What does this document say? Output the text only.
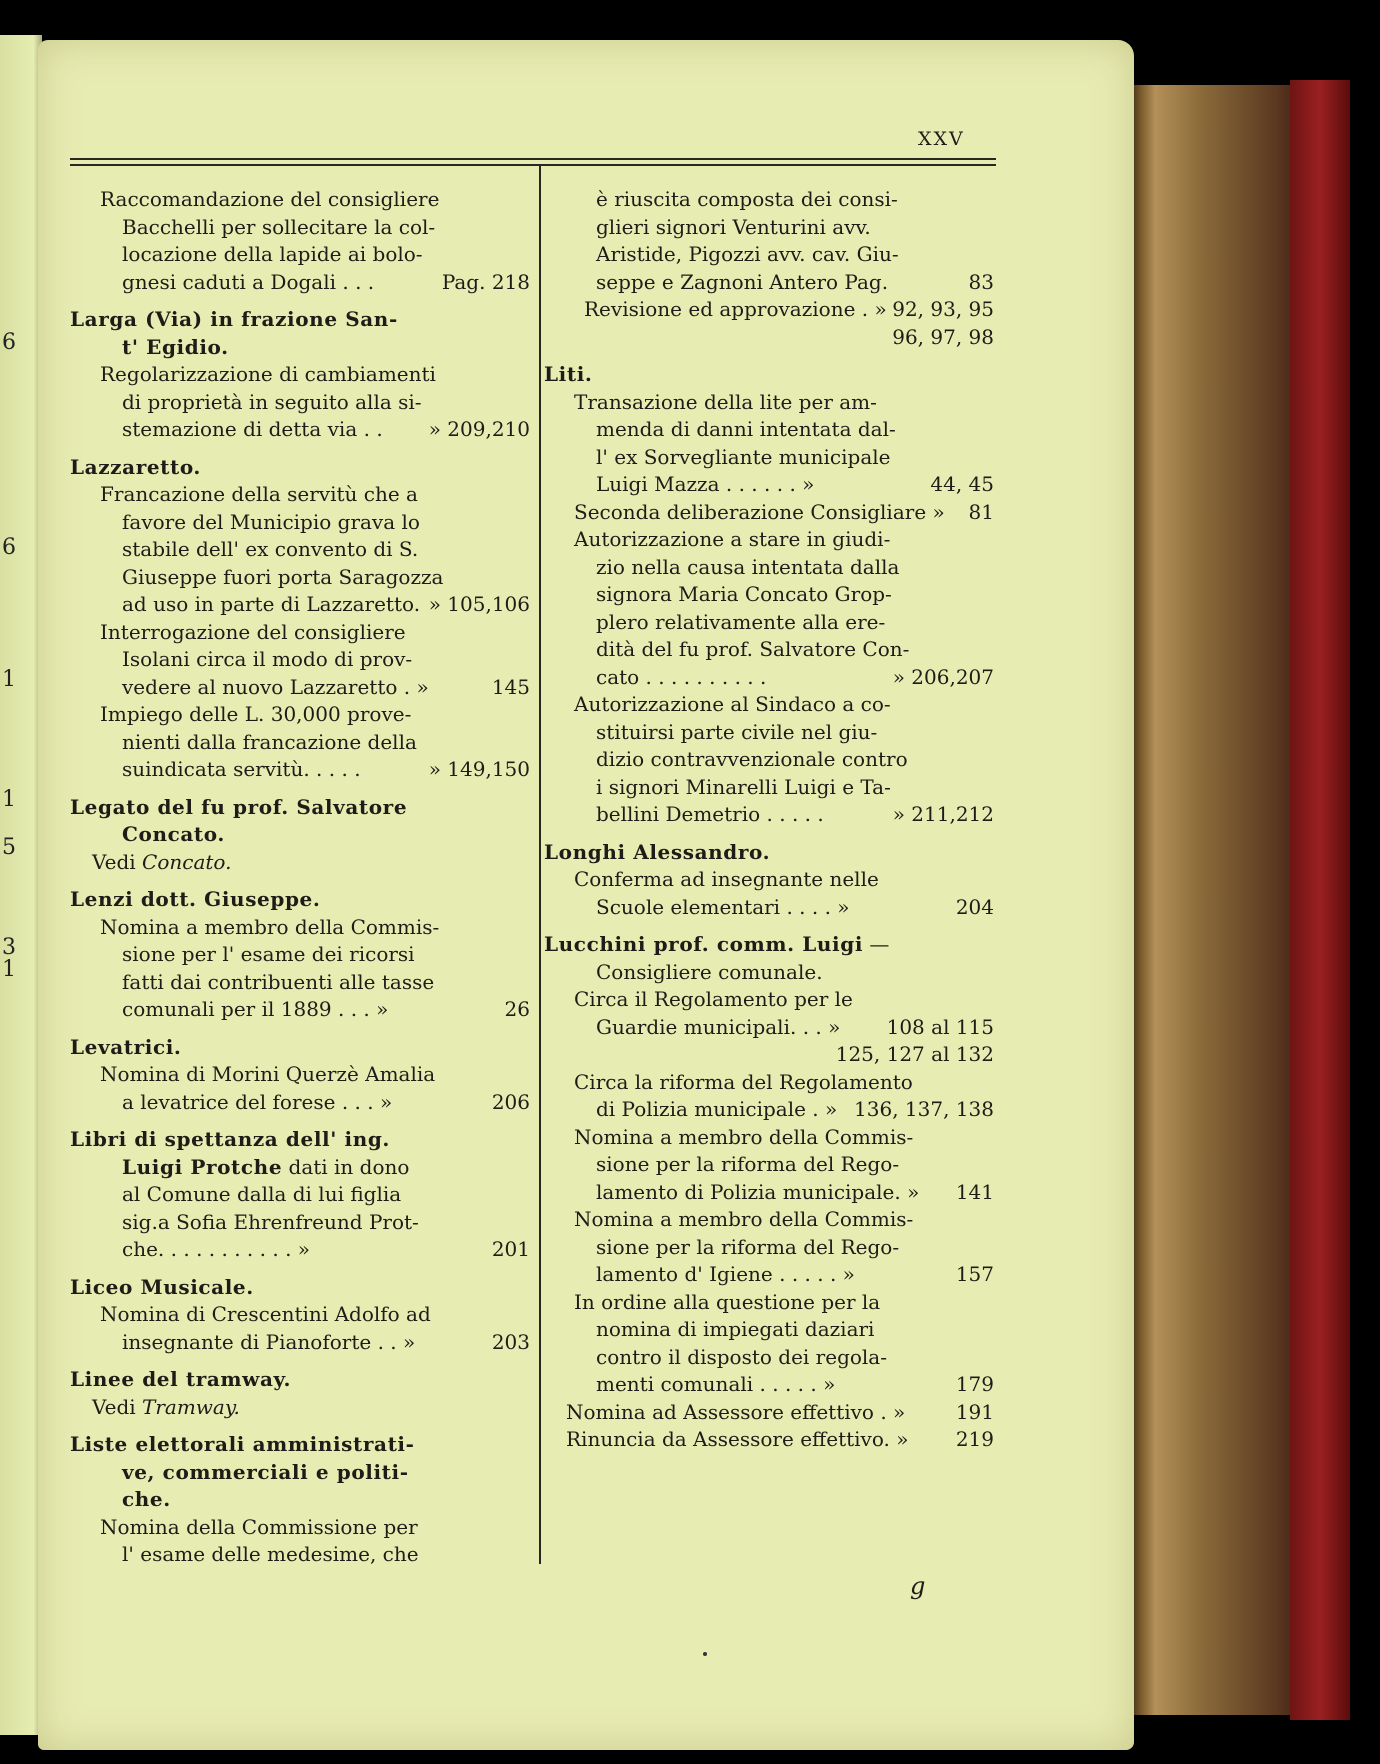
6
6
1
1
5
3
1
XXV
Raccomandazione del consigliere
Bacchelli per sollecitare la col-
locazione della lapide ai bolo-
gnesi caduti a Dogali . . .	Pag. 218
Larga (Via) in frazione San-
t' Egidio.
Regolarizzazione di cambiamenti
di proprietà in seguito alla si-
stemazione di detta via . . » 209,210
Lazzaretto.
Francazione della servitù che a
favore del Municipio grava lo
stabile dell' ex convento di S.
Giuseppe fuori porta Saragozza
ad uso in parte di Lazzaretto. » 105,106
Interrogazione del consigliere
Isolani circa il modo di prov-
vedere al nuovo Lazzaretto . »	145
Impiego delle L. 30,000 prove-
nienti dalla francazione della
suindicata servitù. . . . .	» 149,150
Legato del fu prof. Salvatore
Concato.
Vedi Concato.
Lenzi dott. Giuseppe.
Nomina a membro della Commis-
sione per l' esame dei ricorsi
fatti dai contribuenti alle tasse
comunali per il 1889 . . . »	26
Levatrici.
Nomina di Morini Querzè Amalia
a levatrice del forese . . . »	206
Libri di spettanza dell' ing.
Luigi Protche dati in dono
al Comune dalla di lui figlia
sig.a Sofia Ehrenfreund Prot-
che. . . . . . . . . . . »	201
Liceo Musicale.
Nomina di Crescentini Adolfo ad
insegnante di Pianoforte . . »	203
Linee del tramway.
Vedi Tramway.
Liste elettorali amministrati-
ve, commerciali e politi-
che.
Nomina della Commissione per
l' esame delle medesime, che
è riuscita composta dei consi-
glieri signori Venturini avv.
Aristide, Pigozzi avv. cav. Giu-
seppe e Zagnoni Antero Pag.	83
Revisione ed approvazione . » 92, 93, 95
96, 97, 98
Liti.
Transazione della lite per am-
menda di danni intentata dal-
l' ex Sorvegliante municipale
Luigi Mazza . . . . . . »	44, 45
Seconda deliberazione Consigliare » 81
Autorizzazione a stare in giudi-
zio nella causa intentata dalla
signora Maria Concato Grop-
plero relativamente alla ere-
dità del fu prof. Salvatore Con-
cato . . . . . . . . . .	» 206,207
Autorizzazione al Sindaco a co-
stituirsi parte civile nel giu-
dizio contravvenzionale contro
i signori Minarelli Luigi e Ta-
bellini Demetrio . . . . .	» 211,212
Longhi Alessandro.
Conferma ad insegnante nelle
Scuole elementari . . . . »	204
Lucchini prof. comm. Luigi —
Consigliere comunale.
Circa il Regolamento per le
Guardie municipali. . . » 108 al 115
125, 127 al 132
Circa la riforma del Regolamento
di Polizia municipale . » 136, 137, 138
Nomina a membro della Commis-
sione per la riforma del Rego-
lamento di Polizia municipale. » 141
Nomina a membro della Commis-
sione per la riforma del Rego-
lamento d' Igiene . . . . . »	157
In ordine alla questione per la
nomina di impiegati daziari
contro il disposto dei regola-
menti comunali . . . . . »	179
Nomina ad Assessore effettivo . »	191
Rinuncia da Assessore effettivo. » 219
g
